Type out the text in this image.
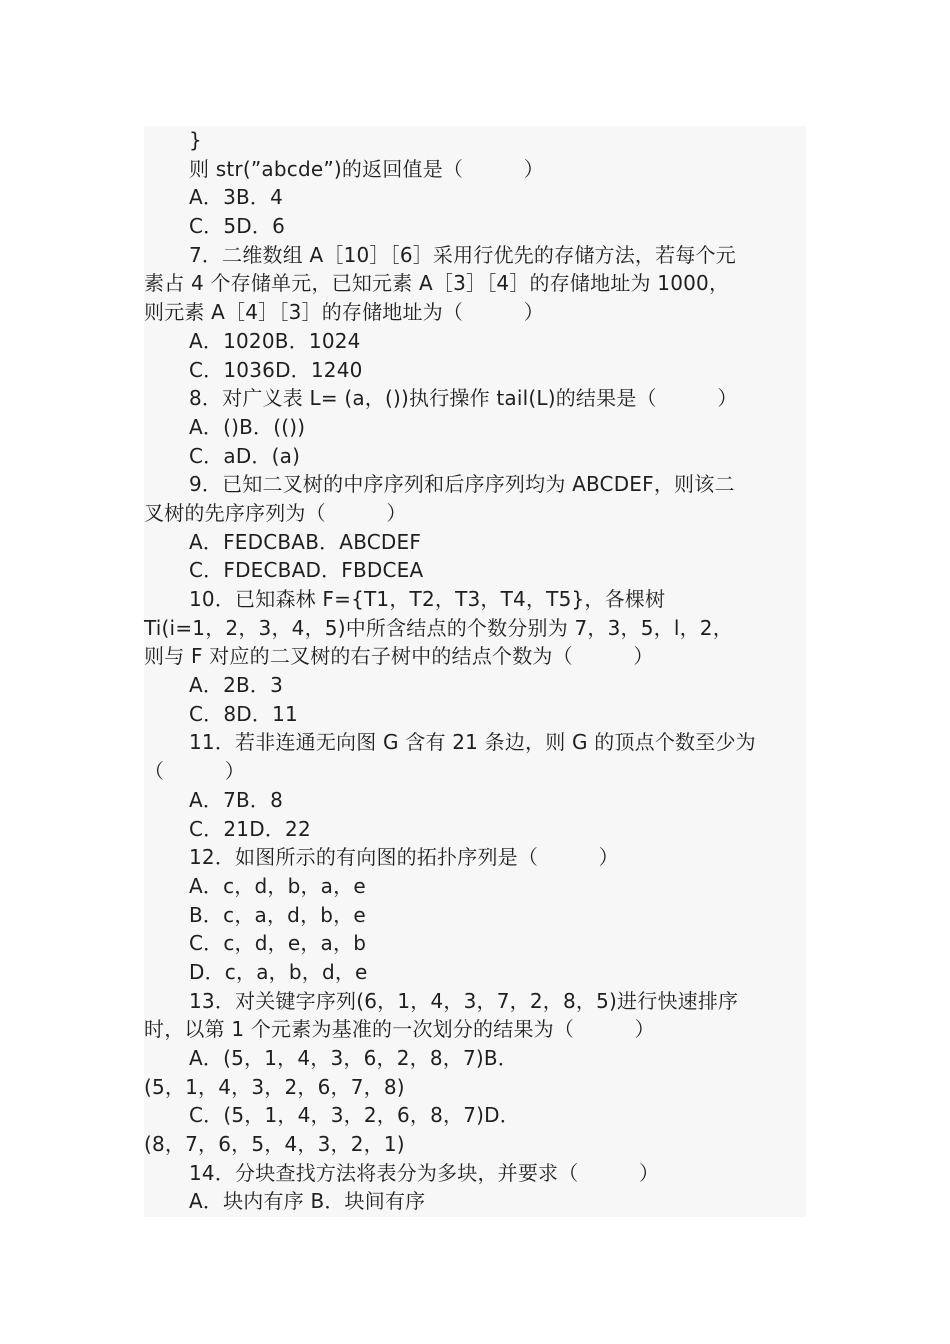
}
则 str(”abcde”)的返回值是（　　　）
A．3B．4
C．5D．6
7．二维数组 A［10］［6］采用行优先的存储方法，若每个元
素占 4 个存储单元，已知元素 A［3］［4］的存储地址为 1000，
则元素 A［4］［3］的存储地址为（　　　）
A．1020B．1024
C．1036D．1240
8．对广义表 L= (a，())执行操作 tail(L)的结果是（　　　）
A．()B．(())
C．aD．(a)
9．已知二叉树的中序序列和后序序列均为 ABCDEF，则该二
叉树的先序序列为（　　　）
A．FEDCBAB．ABCDEF
C．FDECBAD．FBDCEA
10．已知森林 F={T1，T2，T3，T4，T5}，各棵树
Ti(i=1，2，3，4，5)中所含结点的个数分别为 7，3，5，l，2，
则与 F 对应的二叉树的右子树中的结点个数为（　　　）
A．2B．3
C．8D．11
11．若非连通无向图 G 含有 21 条边，则 G 的顶点个数至少为
（　　　）
A．7B．8
C．21D．22
12．如图所示的有向图的拓扑序列是（　　　）
A．c，d，b，a，e
B．c，a，d，b，e
C．c，d，e，a，b
D．c，a，b，d，e
13．对关键字序列(6，1，4，3，7，2，8，5)进行快速排序
时，以第 1 个元素为基准的一次划分的结果为（　　　）
A．(5，1，4，3，6，2，8，7)B．
(5，1，4，3，2，6，7，8)
C．(5，1，4，3，2，6，8，7)D．
(8，7，6，5，4，3，2，1)
14．分块查找方法将表分为多块，并要求（　　　）
A．块内有序 B．块间有序
